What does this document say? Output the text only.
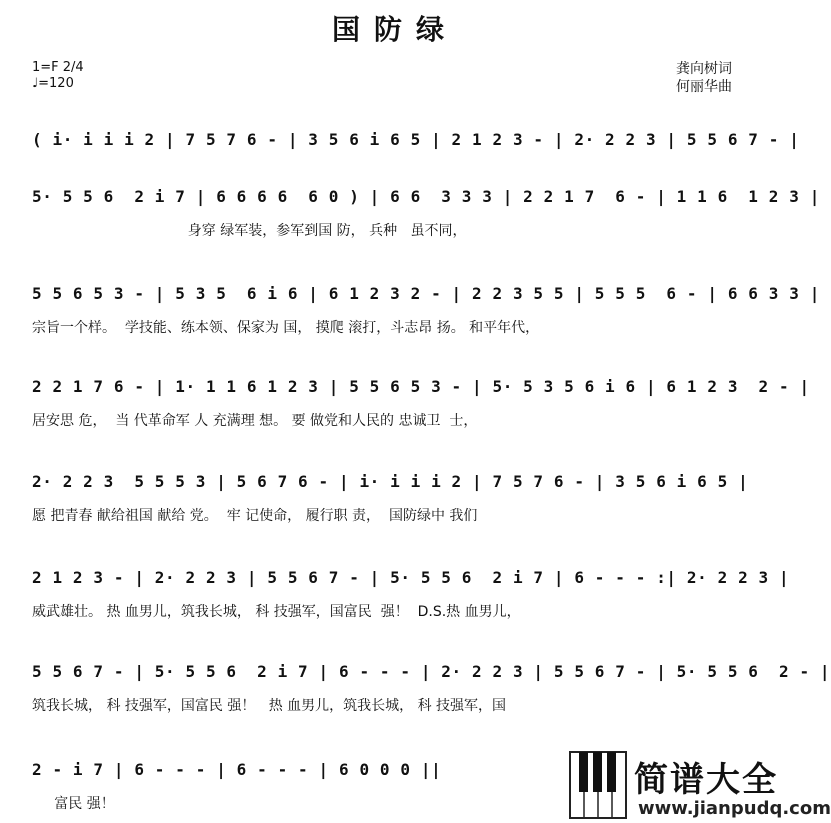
国防绿
1=F 2/4
♩=120
龚向树词
何丽华曲
( i· i i i 2 | 7 5 7 6 - | 3 5 6 i 6 5 | 2 1 2 3 - | 2· 2 2 3 | 5 5 6 7 - |
5· 5 5 6  2 i 7 | 6 6 6 6  6 0 ) | 6 6  3 3 3 | 2 2 1 7  6 - | 1 1 6  1 2 3 |
身穿 绿军装，参军到国 防， 兵种   虽不同，
5 5 6 5 3 - | 5 3 5  6 i 6 | 6 1 2 3 2 - | 2 2 3 5 5 | 5 5 5  6 - | 6 6 3 3 |
宗旨一个样。  学技能、练本领、保家为 国， 摸爬 滚打，斗志昂 扬。 和平年代，
2 2 1 7 6 - | 1· 1 1 6 1 2 3 | 5 5 6 5 3 - | 5· 5 3 5 6 i 6 | 6 1 2 3  2 - |
居安思 危，  当 代革命军 人 充满理 想。 要 做党和人民的 忠诚卫  士，
2· 2 2 3  5 5 5 3 | 5 6 7 6 - | i· i i i 2 | 7 5 7 6 - | 3 5 6 i 6 5 |
愿 把青春 献给祖国 献给 党。  牢 记使命， 履行职 责，  国防绿中 我们
2 1 2 3 - | 2· 2 2 3 | 5 5 6 7 - | 5· 5 5 6  2 i 7 | 6 - - - :| 2· 2 2 3 |
威武雄壮。 热 血男儿，筑我长城， 科 技强军，国富民  强！  D.S.热 血男儿，
5 5 6 7 - | 5· 5 5 6  2 i 7 | 6 - - - | 2· 2 2 3 | 5 5 6 7 - | 5· 5 5 6  2 - |
筑我长城， 科 技强军，国富民 强！   热 血男儿，筑我长城， 科 技强军，国
2 - i 7 | 6 - - - | 6 - - - | 6 0 0 0 ||
富民 强！
简谱大全
www.jianpudq.com
